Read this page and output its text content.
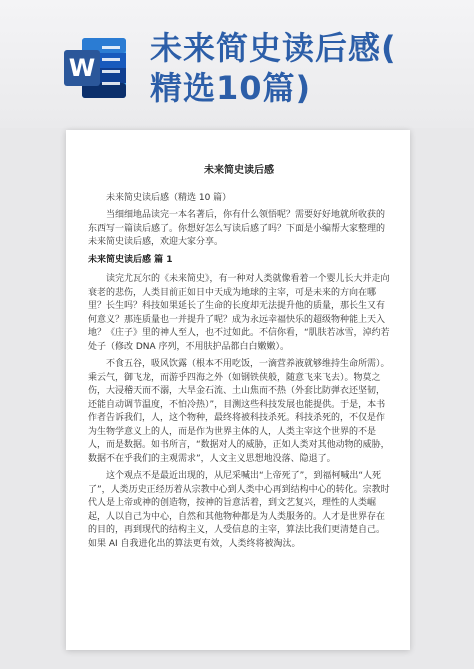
W
未来简史读后感(
精选10篇)
未来简史读后感
未来简史读后感（精选 10 篇）
当细细地品读完一本名著后，你有什么领悟呢？需要好好地就所收获的东西写一篇读后感了。你想好怎么写读后感了吗？下面是小编帮大家整理的未来简史读后感，欢迎大家分享。
未来简史读后感 篇 1
读完尤瓦尔的《未来简史》，有一种对人类就像看着一个婴儿长大并走向衰老的悲伤，人类目前正如日中天成为地球的主宰，可是未来的方向在哪里？长生吗？科技如果延长了生命的长度却无法提升他的质量，那长生又有何意义？那连质量也一并提升了呢？成为永远幸福快乐的超级物种能上天入地？《庄子》里的神人至人，也不过如此。不信你看，“肌肤若冰雪，淖约若处子（修改 DNA 序列，不用肤护品都白白嫩嫩）。
不食五谷，吸风饮露（根本不用吃饭，一滴营养液就够维持生命所需）。乘云气，御飞龙，而游乎四海之外（如钢铁侠般，随意飞来飞去）。物莫之伤，大浸稽天而不溺，大旱金石流、土山焦而不热（外套比防弹衣还坚韧，还能自动调节温度，不怕冷热）”，目测这些科技发展也能提供。于是，本书作者告诉我们，人，这个物种，最终将被科技杀死。科技杀死的，不仅是作为生物学意义上的人，而是作为世界主体的人，人类主宰这个世界的不是人，而是数据。如书所言，“数据对人的威胁，正如人类对其他动物的威胁，数据不在乎我们的主观需求”，人文主义思想地没落、隐退了。
这个观点不是最近出现的，从尼采喊出“上帝死了”，到福柯喊出“人死了”，人类历史正经历着从宗教中心到人类中心再到结构中心的转化。宗教时代人是上帝或神的创造物，按神的旨意活着，到文艺复兴，理性的人类崛起，人以自己为中心，自然和其他物种都是为人类服务的。人才是世界存在的目的，再到现代的结构主义，人受信息的主宰，算法比我们更清楚自己。如果 AI 自我进化出的算法更有效，人类终将被淘汰。
